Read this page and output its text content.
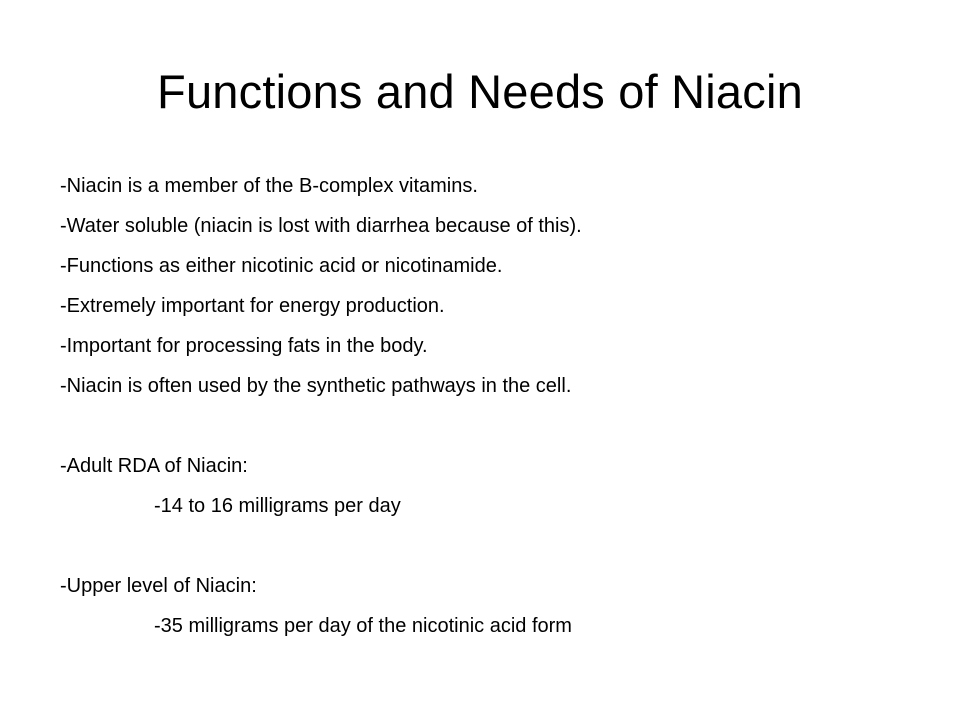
Functions and Needs of Niacin
-Niacin is a member of the B-complex vitamins.
-Water soluble (niacin is lost with diarrhea because of this).
-Functions as either nicotinic acid or nicotinamide.
-Extremely important for energy production.
-Important for processing fats in the body.
-Niacin is often used by the synthetic pathways in the cell.
-Adult RDA of Niacin:
-14 to 16 milligrams per day
-Upper level of Niacin:
-35 milligrams per day of the nicotinic acid form
